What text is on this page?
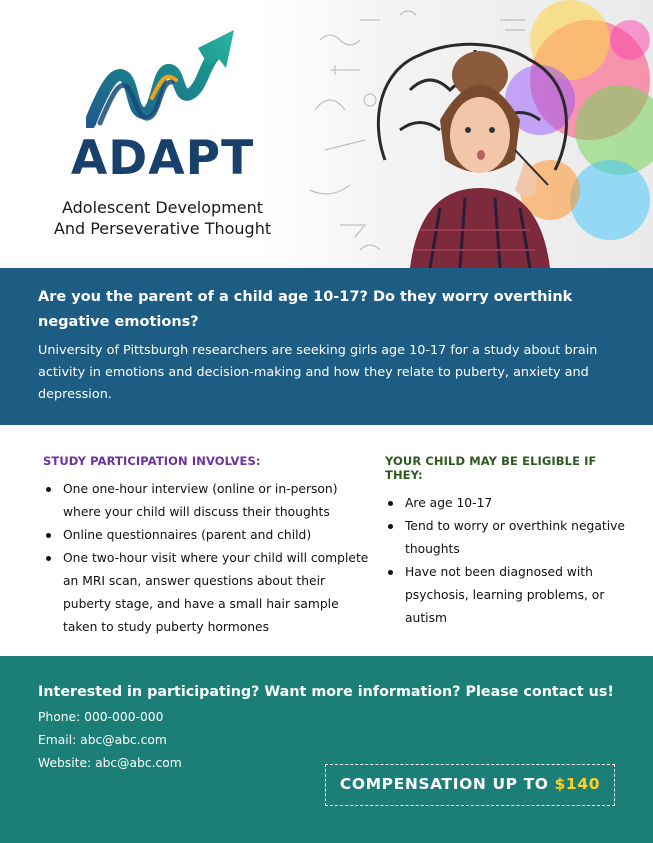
ADAPT
Adolescent Development
And Perseverative Thought

Are you the parent of a child age 10-17? Do they worry overthink negative emotions?

University of Pittsburgh researchers are seeking girls age 10-17 for a study about brain activity in emotions and decision-making and how they relate to puberty, anxiety and depression.

STUDY PARTICIPATION INVOLVES:
One one-hour interview (online or in-person) where your child will discuss their thoughts
Online questionnaires (parent and child)
One two-hour visit where your child will complete an MRI scan, answer questions about their puberty stage, and have a small hair sample taken to study puberty hormones
YOUR CHILD MAY BE ELIGIBLE IF THEY:
Are age 10-17
Tend to worry or overthink negative thoughts
Have not been diagnosed with psychosis, learning problems, or autism

Interested in participating? Want more information? Please contact us!

Phone: 000-000-000
Email: abc@abc.com
Website: abc@abc.com
COMPENSATION UP TO $140
